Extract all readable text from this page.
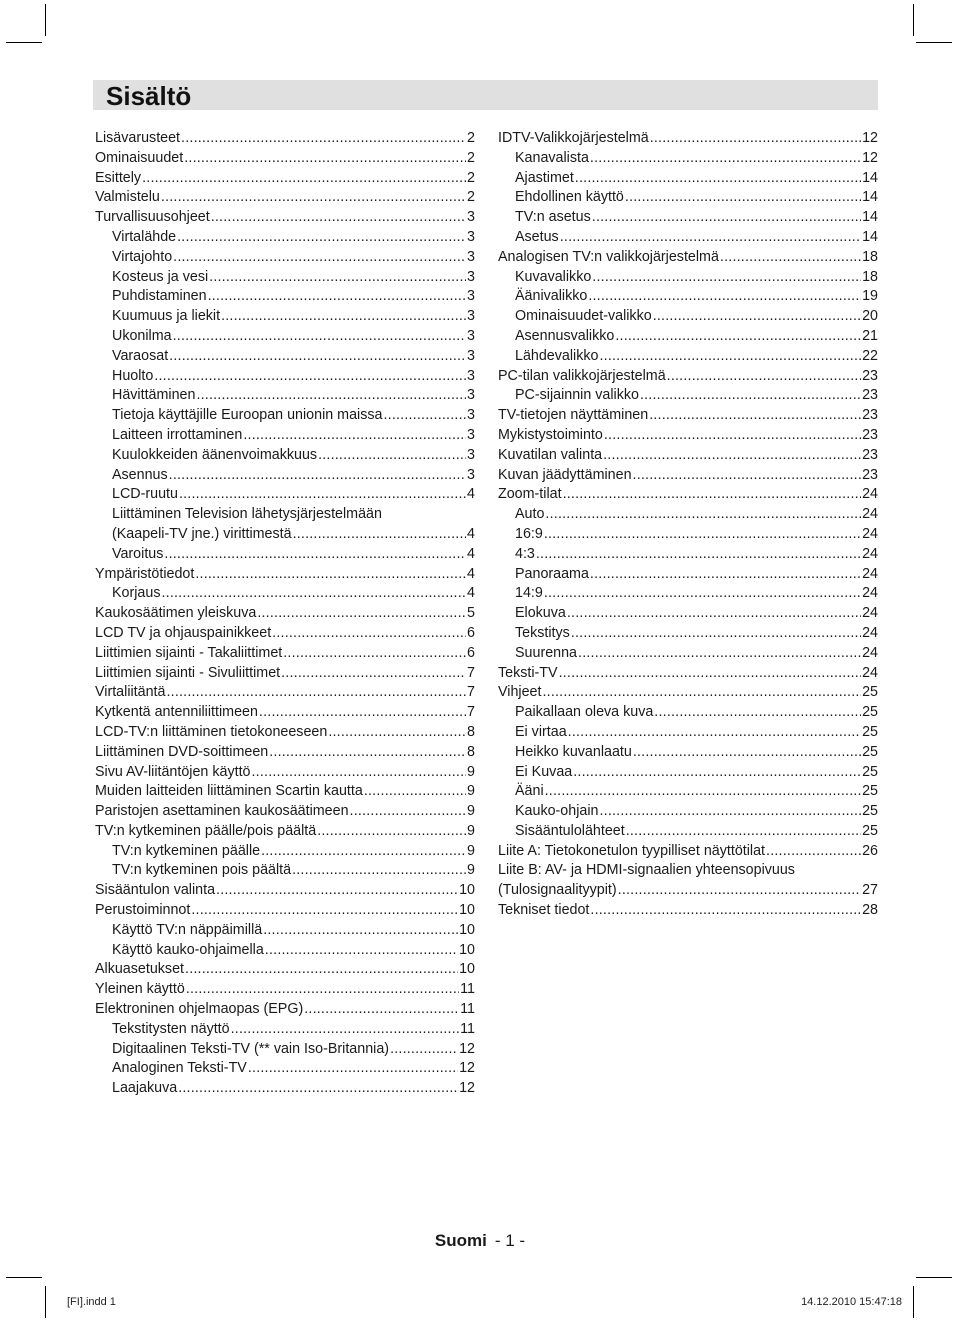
Sisältö
Lisävarusteet .....	2
Ominaisuudet .....	2
Esittely .....	2
Valmistelu .....	2
Turvallisuusohjeet .....	3
Virtalähde .....	3
Virtajohto .....	3
Kosteus ja vesi .....	3
Puhdistaminen .....	3
Kuumuus ja liekit .....	3
Ukonilma .....	3
Varaosat .....	3
Huolto .....	3
Hävittäminen .....	3
Tietoja käyttäjille Euroopan unionin maissa .....	3
Laitteen irrottaminen .....	3
Kuulokkeiden äänenvoimakkuus .....	3
Asennus .....	3
LCD-ruutu .....	4
Liittäminen Television lähetysjärjestelmään
(Kaapeli-TV jne.) virittimestä .....	4
Varoitus .....	4
Ympäristötiedot .....	4
Korjaus .....	4
Kaukosäätimen yleiskuva .....	5
LCD TV ja ohjauspainikkeet .....	6
Liittimien sijainti - Takaliittimet .....	6
Liittimien sijainti - Sivuliittimet .....	7
Virtaliitäntä .....	7
Kytkentä antenniliittimeen .....	7
LCD-TV:n liittäminen tietokoneeseen .....	8
Liittäminen DVD-soittimeen .....	8
Sivu AV-liitäntöjen käyttö .....	9
Muiden laitteiden liittäminen Scartin kautta .....	9
Paristojen asettaminen kaukosäätimeen .....	9
TV:n kytkeminen päälle/pois päältä .....	9
TV:n kytkeminen päälle .....	9
TV:n kytkeminen pois päältä .....	9
Sisääntulon valinta .....	10
Perustoiminnot .....	10
Käyttö TV:n näppäimillä .....	10
Käyttö kauko-ohjaimella .....	10
Alkuasetukset .....	10
Yleinen käyttö .....	11
Elektroninen ohjelmaopas (EPG) .....	11
Tekstitysten näyttö .....	11
Digitaalinen Teksti-TV (** vain Iso-Britannia) .....	12
Analoginen Teksti-TV .....	12
Laajakuva .....	12
IDTV-Valikkojärjestelmä .....	12
Kanavalista .....	12
Ajastimet .....	14
Ehdollinen käyttö .....	14
TV:n asetus .....	14
Asetus .....	14
Analogisen TV:n valikkojärjestelmä .....	18
Kuvavalikko .....	18
Äänivalikko .....	19
Ominaisuudet-valikko .....	20
Asennusvalikko .....	21
Lähdevalikko .....	22
PC-tilan valikkojärjestelmä .....	23
PC-sijainnin valikko .....	23
TV-tietojen näyttäminen .....	23
Mykistystoiminto .....	23
Kuvatilan valinta .....	23
Kuvan jäädyttäminen .....	23
Zoom-tilat .....	24
Auto .....	24
16:9 .....	24
4:3 .....	24
Panoraama .....	24
14:9 .....	24
Elokuva .....	24
Tekstitys .....	24
Suurenna .....	24
Teksti-TV .....	24
Vihjeet .....	25
Paikallaan oleva kuva .....	25
Ei virtaa .....	25
Heikko kuvanlaatu .....	25
Ei Kuvaa .....	25
Ääni .....	25
Kauko-ohjain .....	25
Sisääntulolähteet .....	25
Liite A: Tietokonetulon tyypilliset näyttötilat .....	26
Liite B: AV- ja HDMI-signaalien yhteensopivuus
(Tulosignaalityypit) .....	27
Tekniset tiedot .....	28
Suomi - 1 -
[FI].indd 1	14.12.2010 15:47:18
